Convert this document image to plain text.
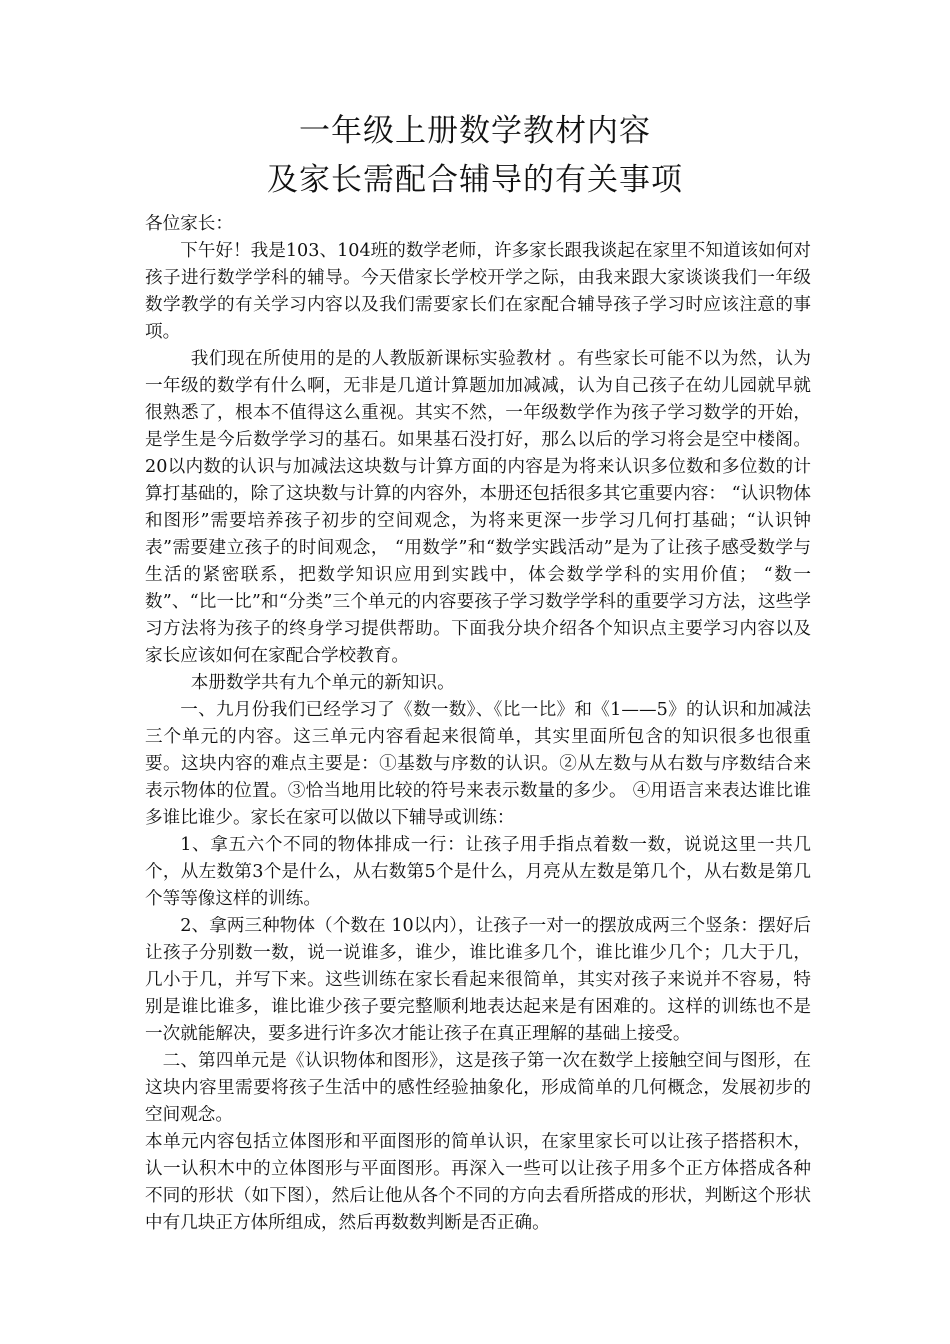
一年级上册数学教材内容
及家长需配合辅导的有关事项

各位家长：

下午好！我是103、104班的数学老师，许多家长跟我谈起在家里不知道该如何对孩子进行数学学科的辅导。今天借家长学校开学之际，由我来跟大家谈谈我们一年级数学教学的有关学习内容以及我们需要家长们在家配合辅导孩子学习时应该注意的事项。

我们现在所使用的是的人教版新课标实验教材 。有些家长可能不以为然，认为一年级的数学有什么啊，无非是几道计算题加加减减，认为自己孩子在幼儿园就早就很熟悉了，根本不值得这么重视。其实不然，一年级数学作为孩子学习数学的开始，是学生是今后数学学习的基石。如果基石没打好，那么以后的学习将会是空中楼阁。20以内数的认识与加减法这块数与计算方面的内容是为将来认识多位数和多位数的计算打基础的，除了这块数与计算的内容外，本册还包括很多其它重要内容： “认识物体和图形”需要培养孩子初步的空间观念，为将来更深一步学习几何打基础；“认识钟表”需要建立孩子的时间观念， “用数学”和“数学实践活动”是为了让孩子感受数学与生活的紧密联系，把数学知识应用到实践中，体会数学学科的实用价值； “数一数”、“比一比”和“分类”三个单元的内容要孩子学习数学学科的重要学习方法，这些学习方法将为孩子的终身学习提供帮助。下面我分块介绍各个知识点主要学习内容以及家长应该如何在家配合学校教育。

本册数学共有九个单元的新知识。

一、九月份我们已经学习了《数一数》、《比一比》和《1——5》的认识和加减法三个单元的内容。这三单元内容看起来很简单，其实里面所包含的知识很多也很重要。这块内容的难点主要是：①基数与序数的认识。②从左数与从右数与序数结合来表示物体的位置。③恰当地用比较的符号来表示数量的多少。 ④用语言来表达谁比谁多谁比谁少。家长在家可以做以下辅导或训练：

1、拿五六个不同的物体排成一行：让孩子用手指点着数一数，说说这里一共几个，从左数第3个是什么，从右数第5个是什么，月亮从左数是第几个，从右数是第几个等等像这样的训练。

2、拿两三种物体（个数在 10以内），让孩子一对一的摆放成两三个竖条：摆好后让孩子分别数一数，说一说谁多，谁少，谁比谁多几个，谁比谁少几个；几大于几，几小于几，并写下来。这些训练在家长看起来很简单，其实对孩子来说并不容易，特别是谁比谁多，谁比谁少孩子要完整顺利地表达起来是有困难的。这样的训练也不是一次就能解决，要多进行许多次才能让孩子在真正理解的基础上接受。

二、第四单元是《认识物体和图形》，这是孩子第一次在数学上接触空间与图形，在这块内容里需要将孩子生活中的感性经验抽象化，形成简单的几何概念，发展初步的空间观念。

本单元内容包括立体图形和平面图形的简单认识，在家里家长可以让孩子搭搭积木，认一认积木中的立体图形与平面图形。再深入一些可以让孩子用多个正方体搭成各种不同的形状（如下图），然后让他从各个不同的方向去看所搭成的形状，判断这个形状中有几块正方体所组成，然后再数数判断是否正确。
